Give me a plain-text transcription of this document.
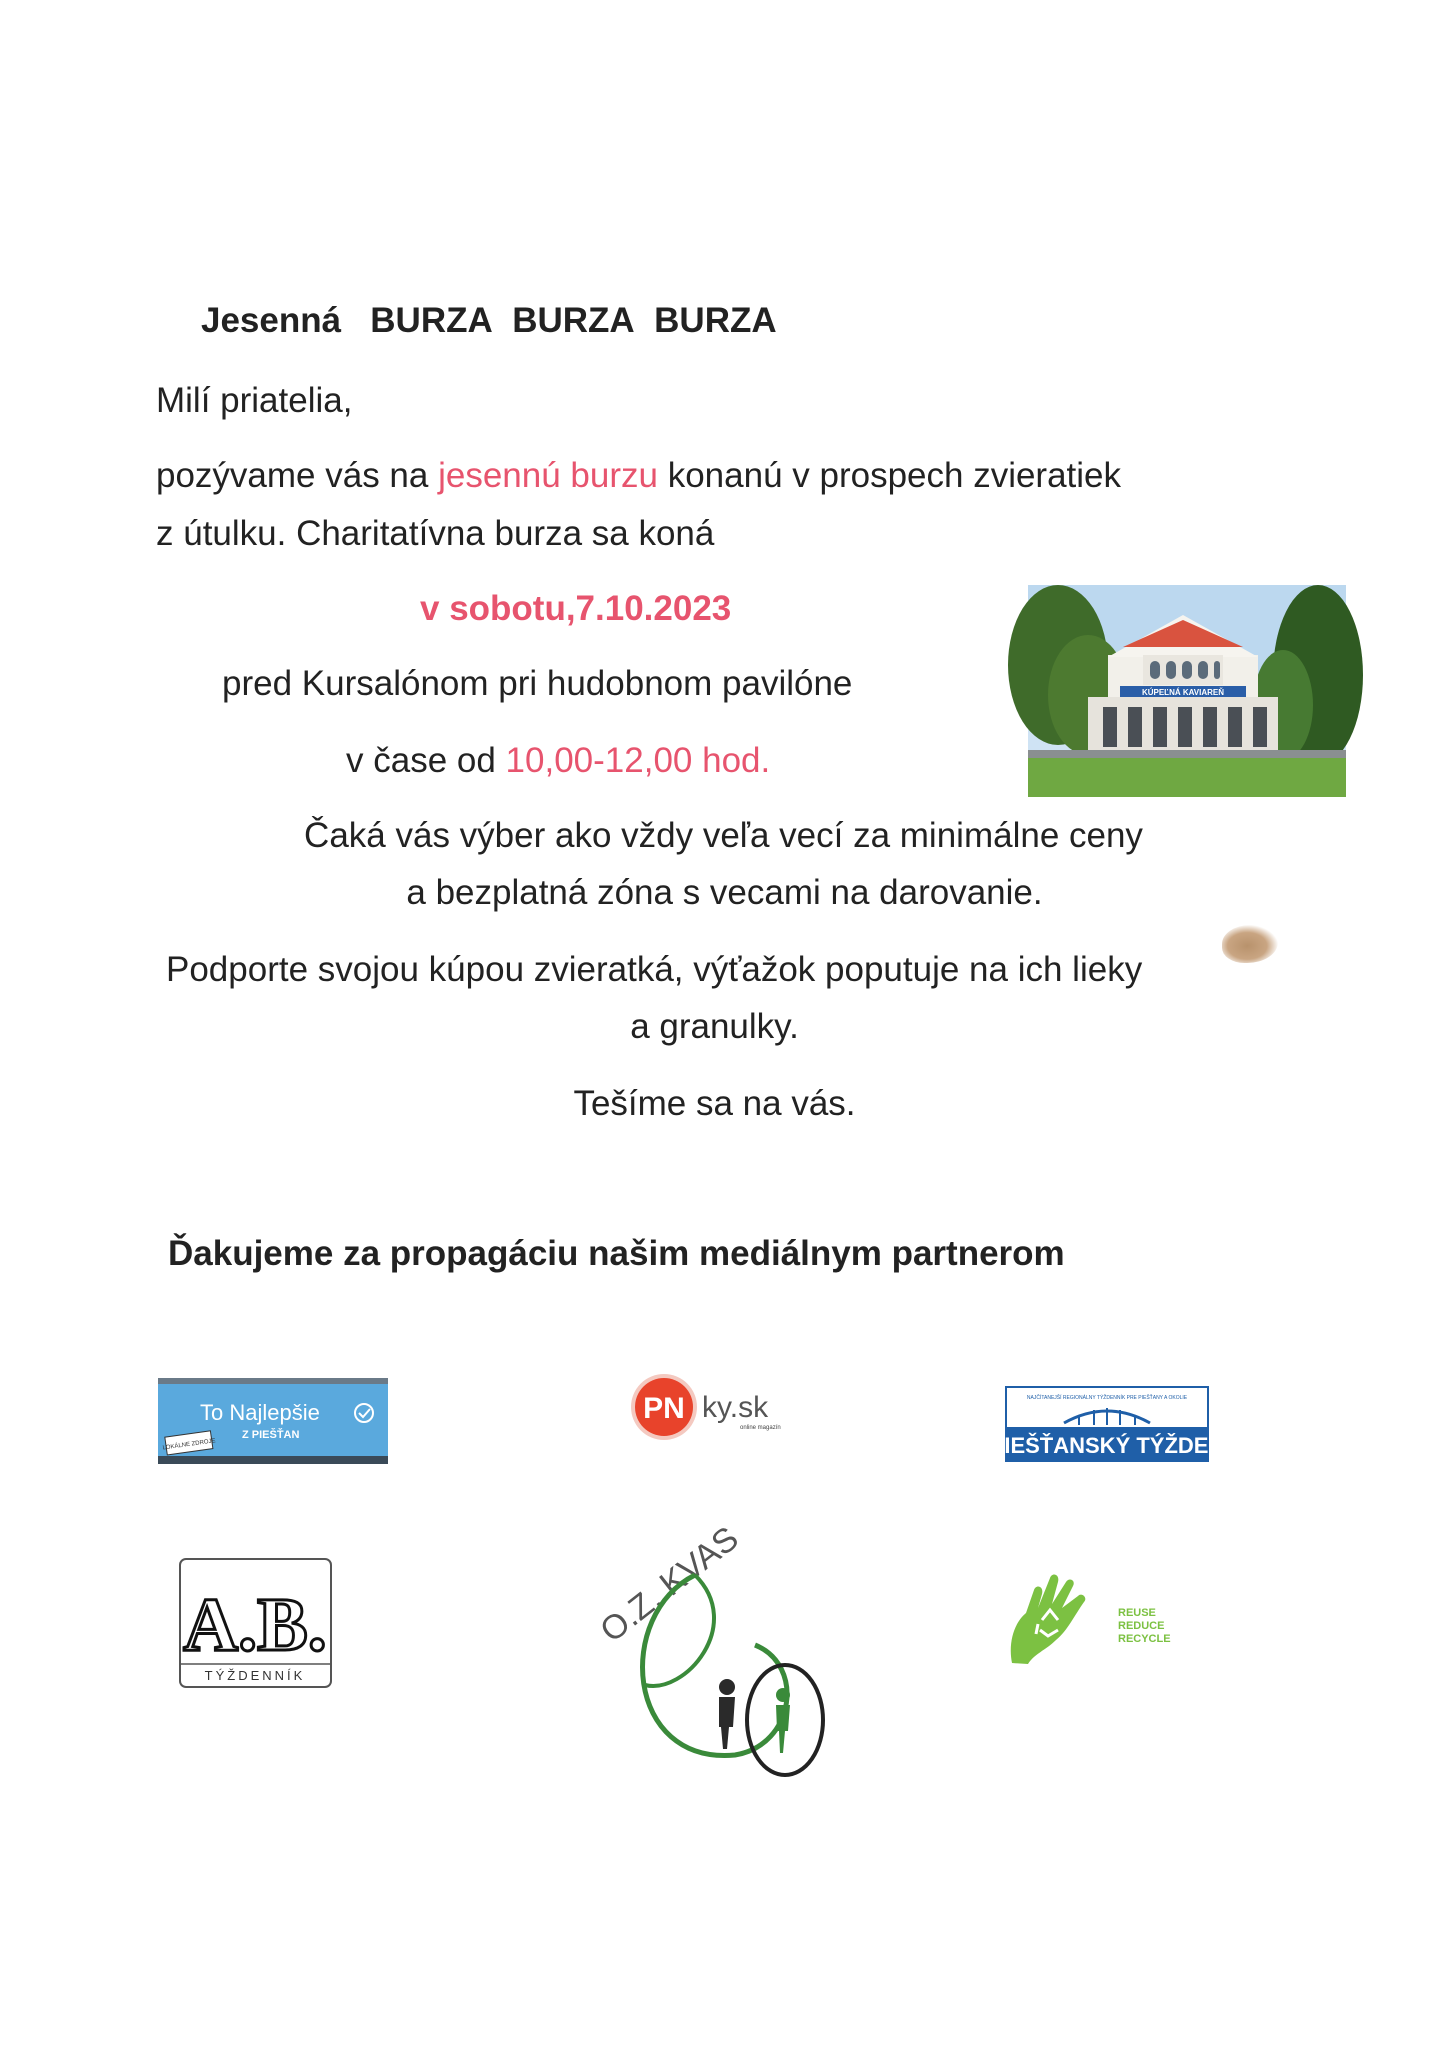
Jesenná BURZA BURZA BURZA
Milí priatelia,
pozývame vás na jesennú burzu konanú v prospech zvieratiek
z útulku. Charitatívna burza sa koná
v sobotu,7.10.2023
pred Kursalónom pri hudobnom pavilóne
v čase od 10,00-12,00 hod.
KÚPEĽNÁ KAVIAREŇ
Čaká vás výber ako vždy veľa vecí za minimálne ceny
a bezplatná zóna s vecami na darovanie.
Podporte svojou kúpou zvieratká, výťažok poputuje na ich lieky
a granulky.
Tešíme sa na vás.
Ďakujeme za propagáciu našim mediálnym partnerom
To Najlepšie
Z PIEŠŤAN
LOKÁLNE ZDROJE
PN ky.sk
online magazín
NAJČÍTANEJŠÍ REGIONÁLNY TÝŽDENNÍK PRE PIEŠŤANY A OKOLIE
PIEŠŤANSKÝ TÝŽDEŇ
A.B.
TÝŽDENNÍK
O.Z. KVAS	REUSE
REDUCE
RECYCLE
